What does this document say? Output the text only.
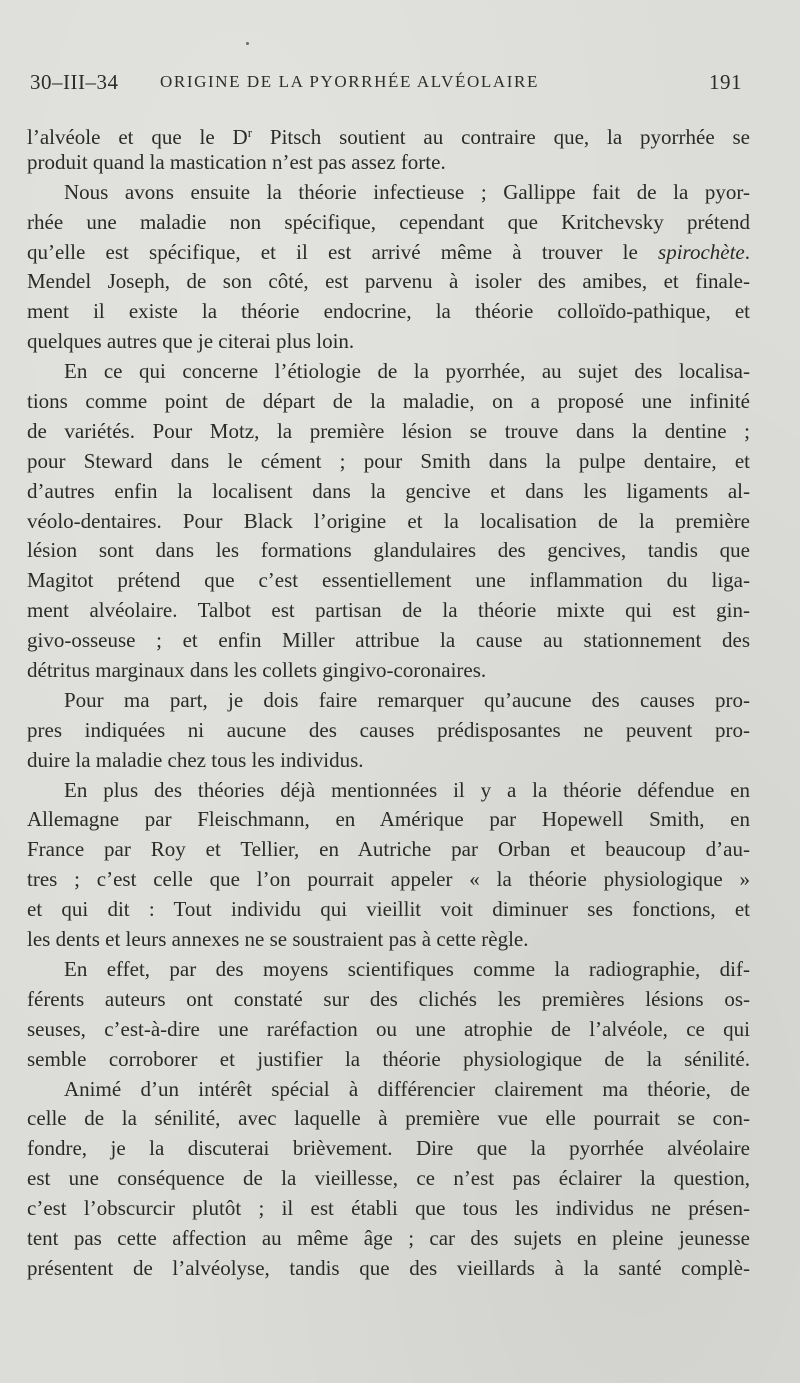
30–III–34 ORIGINE DE LA PYORRHÉE ALVÉOLAIRE	191
l’alvéole et que le $D^r$ Pitsch soutient au contraire que, la pyorrhée se
produit quand la mastication n’est pas assez forte.
Nous avons ensuite la théorie infectieuse ; Gallippe fait de la pyor-
rhée une maladie non spécifique, cependant que Kritchevsky prétend
qu’elle est spécifique, et il est arrivé même à trouver le spirochète.
Mendel Joseph, de son côté, est parvenu à isoler des amibes, et finale-
ment il existe la théorie endocrine, la théorie colloïdo-pathique, et
quelques autres que je citerai plus loin.
En ce qui concerne l’étiologie de la pyorrhée, au sujet des localisa-
tions comme point de départ de la maladie, on a proposé une infinité
de variétés. Pour Motz, la première lésion se trouve dans la dentine ;
pour Steward dans le cément ; pour Smith dans la pulpe dentaire, et
d’autres enfin la localisent dans la gencive et dans les ligaments al-
véolo-dentaires. Pour Black l’origine et la localisation de la première
lésion sont dans les formations glandulaires des gencives, tandis que
Magitot prétend que c’est essentiellement une inflammation du liga-
ment alvéolaire. Talbot est partisan de la théorie mixte qui est gin-
givo-osseuse ; et enfin Miller attribue la cause au stationnement des
détritus marginaux dans les collets gingivo-coronaires.
Pour ma part, je dois faire remarquer qu’aucune des causes pro-
pres indiquées ni aucune des causes prédisposantes ne peuvent pro-
duire la maladie chez tous les individus.
En plus des théories déjà mentionnées il y a la théorie défendue en
Allemagne par Fleischmann, en Amérique par Hopewell Smith, en
France par Roy et Tellier, en Autriche par Orban et beaucoup d’au-
tres ; c’est celle que l’on pourrait appeler « la théorie physiologique »
et qui dit : Tout individu qui vieillit voit diminuer ses fonctions, et
les dents et leurs annexes ne se soustraient pas à cette règle.
En effet, par des moyens scientifiques comme la radiographie, dif-
férents auteurs ont constaté sur des clichés les premières lésions os-
seuses, c’est-à-dire une raréfaction ou une atrophie de l’alvéole, ce qui
semble corroborer et justifier la théorie physiologique de la sénilité.
Animé d’un intérêt spécial à différencier clairement ma théorie, de
celle de la sénilité, avec laquelle à première vue elle pourrait se con-
fondre, je la discuterai brièvement. Dire que la pyorrhée alvéolaire
est une conséquence de la vieillesse, ce n’est pas éclairer la question,
c’est l’obscurcir plutôt ; il est établi que tous les individus ne présen-
tent pas cette affection au même âge ; car des sujets en pleine jeunesse
présentent de l’alvéolyse, tandis que des vieillards à la santé complè-
